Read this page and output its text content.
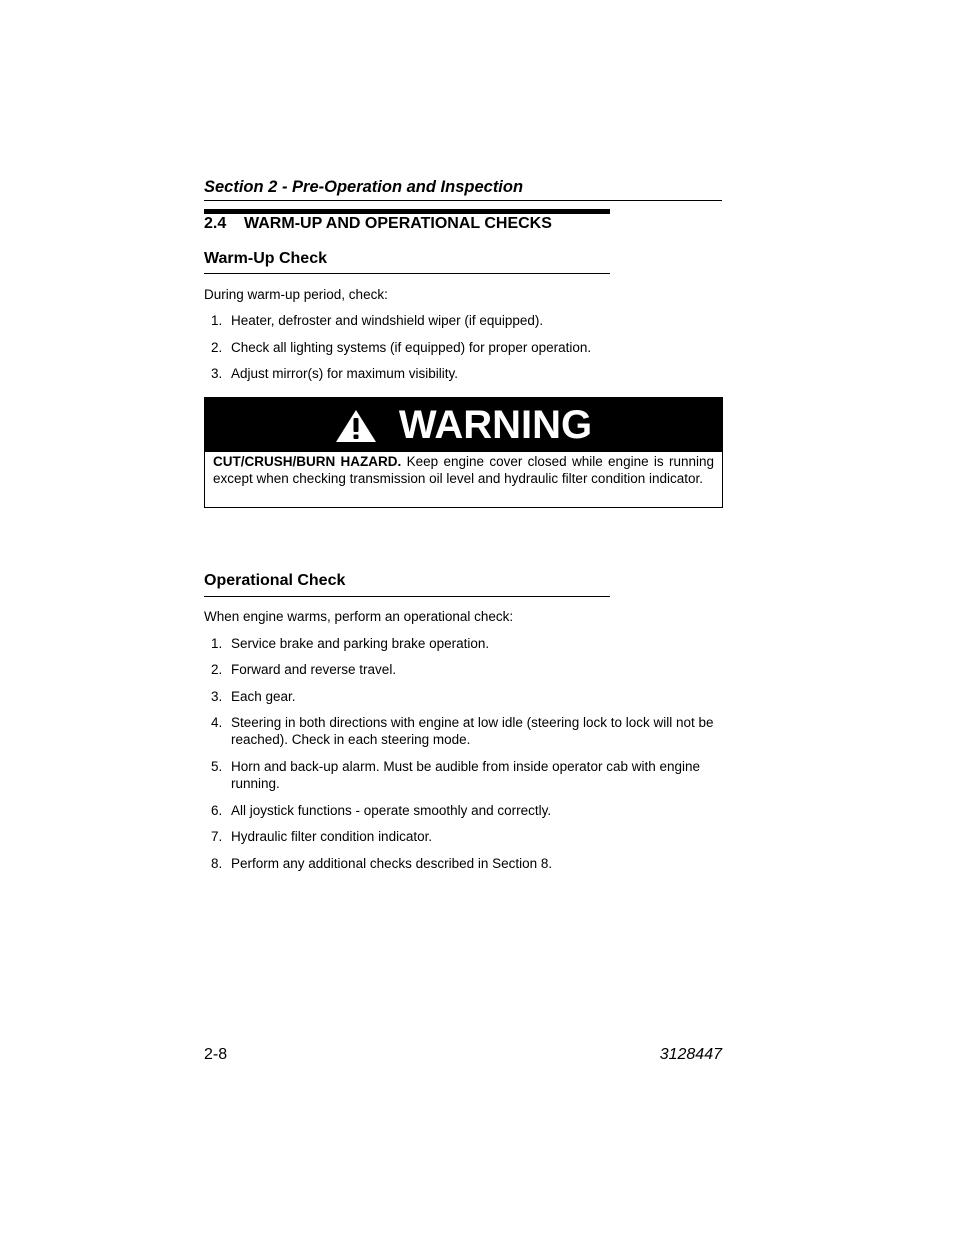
Section 2 - Pre-Operation and Inspection
2.4 WARM-UP AND OPERATIONAL CHECKS
Warm-Up Check
During warm-up period, check:
1. Heater, defroster and windshield wiper (if equipped).
2. Check all lighting systems (if equipped) for proper operation.
3. Adjust mirror(s) for maximum visibility.
WARNING
CUT/CRUSH/BURN HAZARD. Keep engine cover closed while engine is running except when checking transmission oil level and hydraulic filter condition indicator.
Operational Check
When engine warms, perform an operational check:
1. Service brake and parking brake operation.
2. Forward and reverse travel.
3. Each gear.
4. Steering in both directions with engine at low idle (steering lock to lock will not be reached). Check in each steering mode.
5. Horn and back-up alarm. Must be audible from inside operator cab with engine running.
6. All joystick functions - operate smoothly and correctly.
7. Hydraulic filter condition indicator.
8. Perform any additional checks described in Section 8.
2-8	3128447
